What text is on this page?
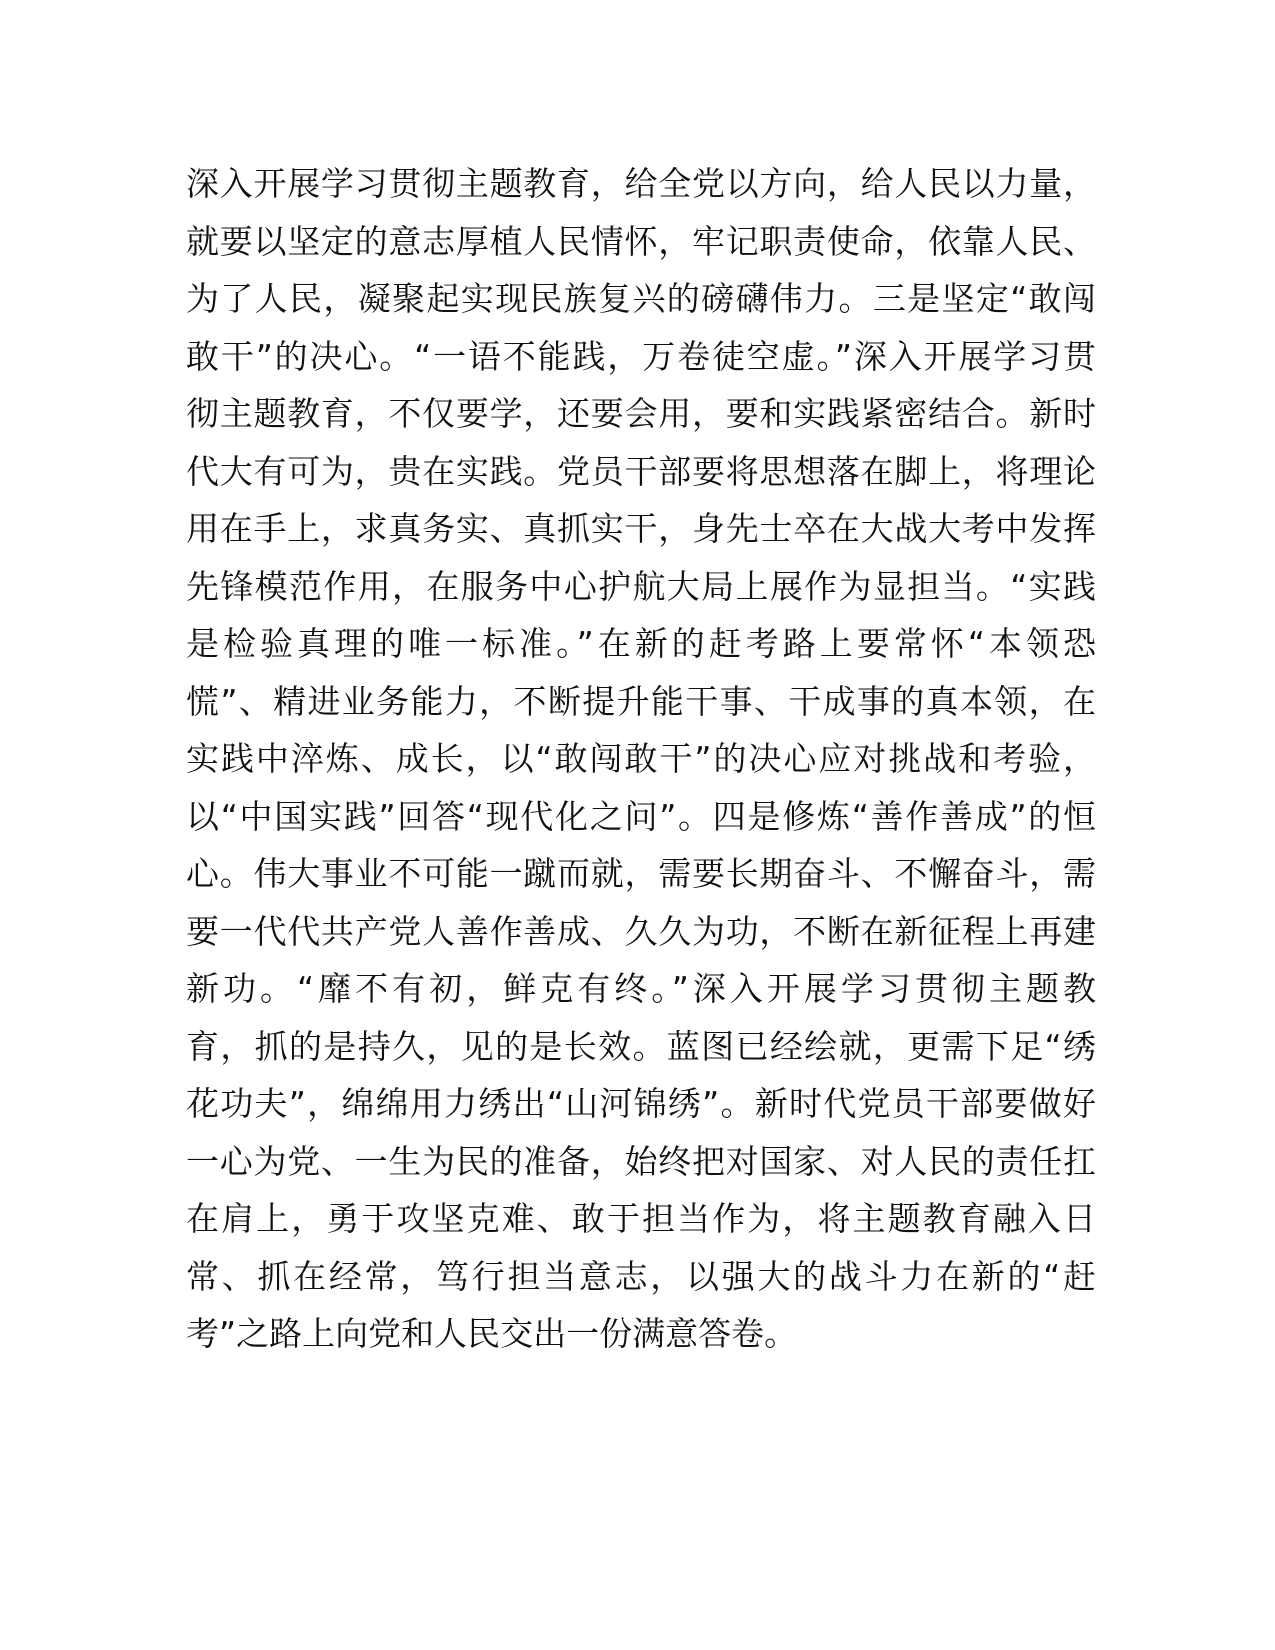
深入开展学习贯彻主题教育，给全党以方向，给人民以力量，
就要以坚定的意志厚植人民情怀，牢记职责使命，依靠人民、
为了人民，凝聚起实现民族复兴的磅礴伟力。三是坚定“敢闯
敢干”的决心。“一语不能践，万卷徒空虚。”深入开展学习贯
彻主题教育，不仅要学，还要会用，要和实践紧密结合。新时
代大有可为，贵在实践。党员干部要将思想落在脚上，将理论
用在手上，求真务实、真抓实干，身先士卒在大战大考中发挥
先锋模范作用，在服务中心护航大局上展作为显担当。“实践
是检验真理的唯一标准。”在新的赶考路上要常怀“本领恐
慌”、精进业务能力，不断提升能干事、干成事的真本领，在
实践中淬炼、成长，以“敢闯敢干”的决心应对挑战和考验，
以“中国实践”回答“现代化之问”。四是修炼“善作善成”的恒
心。伟大事业不可能一蹴而就，需要长期奋斗、不懈奋斗，需
要一代代共产党人善作善成、久久为功，不断在新征程上再建
新功。“靡不有初，鲜克有终。”深入开展学习贯彻主题教
育，抓的是持久，见的是长效。蓝图已经绘就，更需下足“绣
花功夫”，绵绵用力绣出“山河锦绣”。新时代党员干部要做好
一心为党、一生为民的准备，始终把对国家、对人民的责任扛
在肩上，勇于攻坚克难、敢于担当作为，将主题教育融入日
常、抓在经常，笃行担当意志，以强大的战斗力在新的“赶
考”之路上向党和人民交出一份满意答卷。
